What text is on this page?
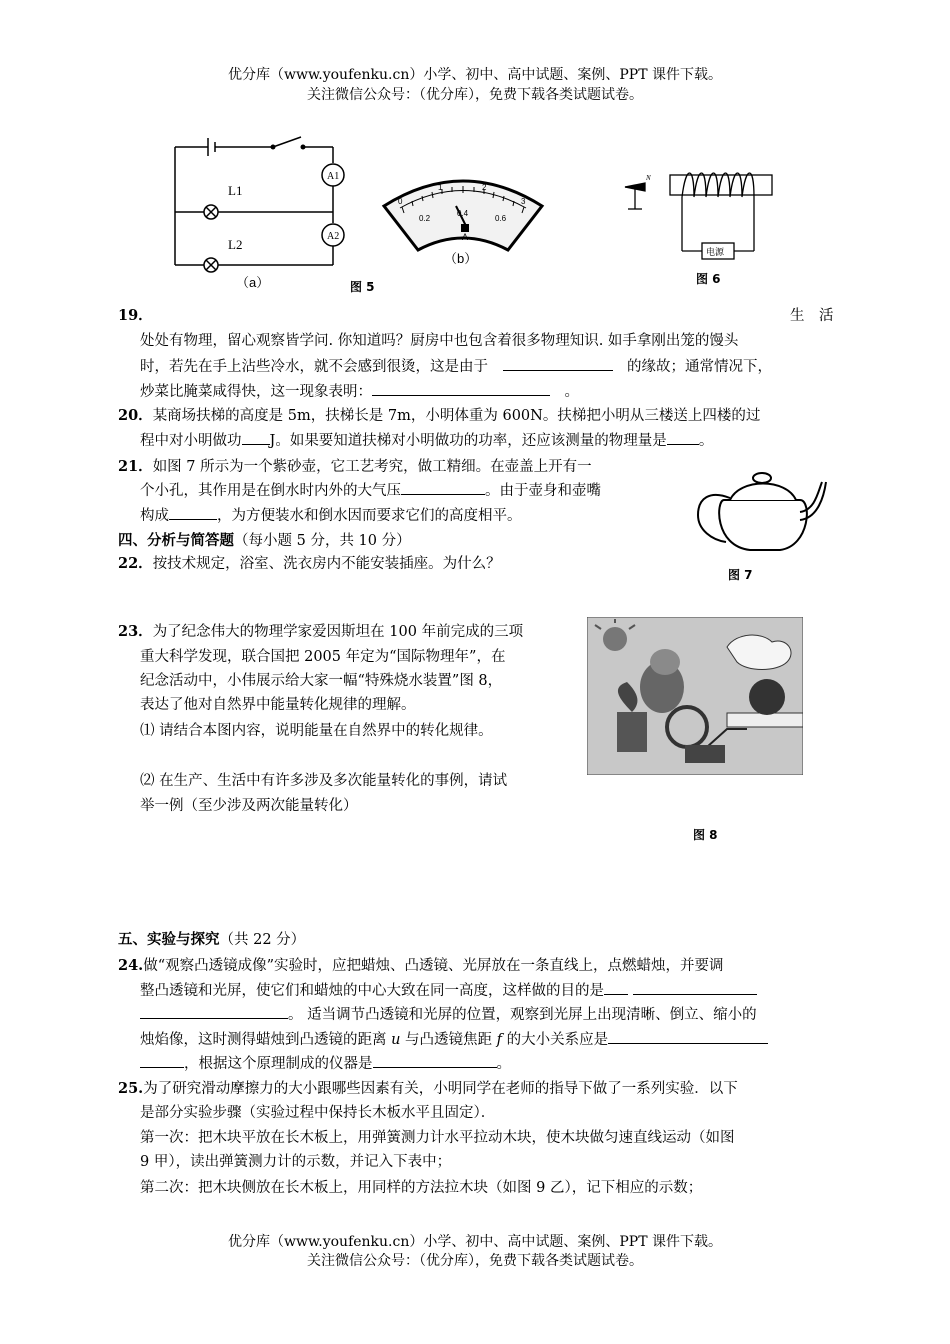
优分库（www.youfenku.cn）小学、初中、高中试题、案例、PPT 课件下载。
关注微信公众号：（优分库），免费下载各类试题试卷。
L1
L2
A1
A2
（a）	图 5
0
1	2
3
0.2
0.4
0.6
A
（b）
N
电源
图 6
19．	生　活
处处有物理，留心观察皆学问. 你知道吗？厨房中也包含着很多物理知识. 如手拿刚出笼的馒头
时，若先在手上沾些冷水，就不会感到很烫，这是由于　　	的缘故；通常情况下，
炒菜比腌菜咸得快，这一现象表明：　	。
20．某商场扶梯的高度是 5m，扶梯长是 7m，小明体重为 600N。扶梯把小明从三楼送上四楼的过
程中对小明做功 J。如果要知道扶梯对小明做功的功率，还应该测量的物理量是 。
21．如图 7 所示为一个紫砂壶，它工艺考究，做工精细。在壶盖上开有一
个小孔，其作用是在倒水时内外的大气压	。由于壶身和壶嘴
构成	，为方便装水和倒水因而要求它们的高度相平。
图 7
四、分析与简答题（每小题 5 分，共 10 分）
22．按技术规定，浴室、洗衣房内不能安装插座。为什么？
23．为了纪念伟大的物理学家爱因斯坦在 100 年前完成的三项
重大科学发现，联合国把 2005 年定为“国际物理年”，在
纪念活动中，小伟展示给大家一幅“特殊烧水装置”图 8，
表达了他对自然界中能量转化规律的理解。
⑴ 请结合本图内容，说明能量在自然界中的转化规律。
⑵ 在生产、生活中有许多涉及多次能量转化的事例，请试
举一例（至少涉及两次能量转化）
图 8
五、实验与探究（共 22 分）
24.做“观察凸透镜成像”实验时，应把蜡烛、凸透镜、光屏放在一条直线上，点燃蜡烛，并要调
整凸透镜和光屏，使它们和蜡烛的中心大致在同一高度，这样做的目的是
。 适当调节凸透镜和光屏的位置，观察到光屏上出现清晰、倒立、缩小的
烛焰像，这时测得蜡烛到凸透镜的距离 u 与凸透镜焦距 f 的大小关系应是
，根据这个原理制成的仪器是	。
25.为了研究滑动摩擦力的大小跟哪些因素有关，小明同学在老师的指导下做了一系列实验．以下
是部分实验步骤（实验过程中保持长木板水平且固定）．
第一次：把木块平放在长木板上，用弹簧测力计水平拉动木块，使木块做匀速直线运动（如图
9 甲），读出弹簧测力计的示数，并记入下表中；
第二次：把木块侧放在长木板上，用同样的方法拉木块（如图 9 乙），记下相应的示数；
优分库（www.youfenku.cn）小学、初中、高中试题、案例、PPT 课件下载。
关注微信公众号：（优分库），免费下载各类试题试卷。
